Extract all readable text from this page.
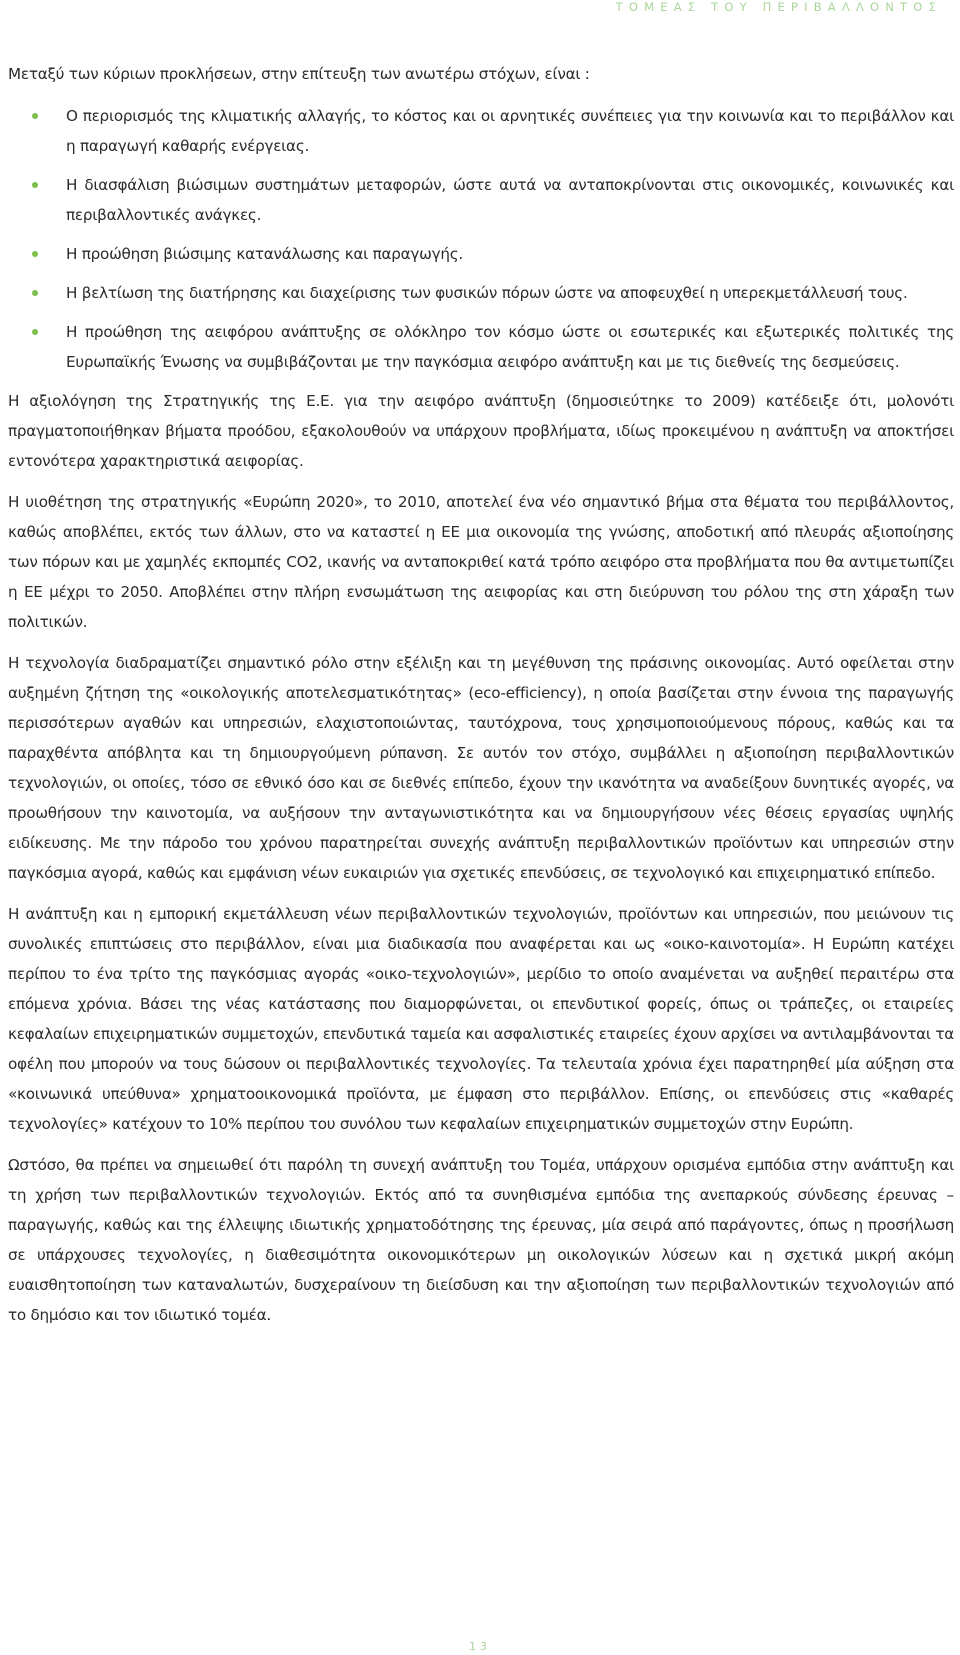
ΤΟΜΕΑΣ ΤΟΥ ΠΕΡΙΒΑΛΛΟΝΤΟΣ

Μεταξύ των κύριων προκλήσεων, στην επίτευξη των ανωτέρω στόχων, είναι :

Ο περιορισμός της κλιματικής αλλαγής, το κόστος και οι αρνητικές συνέπειες για την κοινωνία και το περιβάλλον και η παραγωγή καθαρής ενέργειας.
Η διασφάλιση βιώσιμων συστημάτων μεταφορών, ώστε αυτά να ανταποκρίνονται στις οικονομικές, κοινωνικές και περιβαλλοντικές ανάγκες.
Η προώθηση βιώσιμης κατανάλωσης και παραγωγής.
Η βελτίωση της διατήρησης και διαχείρισης των φυσικών πόρων ώστε να αποφευχθεί η υπερεκμετάλλευσή τους.
Η προώθηση της αειφόρου ανάπτυξης σε ολόκληρο τον κόσμο ώστε οι εσωτερικές και εξωτερικές πολιτικές της Ευρωπαϊκής Ένωσης να συμβιβάζονται με την παγκόσμια αειφόρο ανάπτυξη και με τις διεθνείς της δεσμεύσεις.

Η αξιολόγηση της Στρατηγικής της Ε.Ε. για την αειφόρο ανάπτυξη (δημοσιεύτηκε το 2009) κατέδειξε ότι, μολονότι πραγματοποιήθηκαν βήματα προόδου, εξακολουθούν να υπάρχουν προβλήματα, ιδίως προκειμένου η ανάπτυξη να αποκτήσει εντονότερα χαρακτηριστικά αειφορίας.

Η υιοθέτηση της στρατηγικής «Ευρώπη 2020», το 2010, αποτελεί ένα νέο σημαντικό βήμα στα θέματα του περιβάλλοντος, καθώς αποβλέπει, εκτός των άλλων, στο να καταστεί η ΕΕ μια οικονομία της γνώσης, αποδοτική από πλευράς αξιοποίησης των πόρων και με χαμηλές εκπομπές CO2, ικανής να ανταποκριθεί κατά τρόπο αειφόρο στα προβλήματα που θα αντιμετωπίζει η ΕΕ μέχρι το 2050. Αποβλέπει στην πλήρη ενσωμάτωση της αειφορίας και στη διεύρυνση του ρόλου της στη χάραξη των πολιτικών.

Η τεχνολογία διαδραματίζει σημαντικό ρόλο στην εξέλιξη και τη μεγέθυνση της πράσινης οικονομίας. Αυτό οφείλεται στην αυξημένη ζήτηση της «οικολογικής αποτελεσματικότητας» (eco-efficiency), η οποία βασίζεται στην έννοια της παραγωγής περισσότερων αγαθών και υπηρεσιών, ελαχιστοποιώντας, ταυτόχρονα, τους χρησιμοποιούμενους πόρους, καθώς και τα παραχθέντα απόβλητα και τη δημιουργούμενη ρύπανση. Σε αυτόν τον στόχο, συμβάλλει η αξιοποίηση περιβαλλοντικών τεχνολογιών, οι οποίες, τόσο σε εθνικό όσο και σε διεθνές επίπεδο, έχουν την ικανότητα να αναδείξουν δυνητικές αγορές, να προωθήσουν την καινοτομία, να αυξήσουν την ανταγωνιστικότητα και να δημιουργήσουν νέες θέσεις εργασίας υψηλής ειδίκευσης. Με την πάροδο του χρόνου παρατηρείται συνεχής ανάπτυξη περιβαλλοντικών προϊόντων και υπηρεσιών στην παγκόσμια αγορά, καθώς και εμφάνιση νέων ευκαιριών για σχετικές επενδύσεις, σε τεχνολογικό και επιχειρηματικό επίπεδο.

Η ανάπτυξη και η εμπορική εκμετάλλευση νέων περιβαλλοντικών τεχνολογιών, προϊόντων και υπηρεσιών, που μειώνουν τις συνολικές επιπτώσεις στο περιβάλλον, είναι μια διαδικασία που αναφέρεται και ως «οικο-καινοτομία». Η Ευρώπη κατέχει περίπου το ένα τρίτο της παγκόσμιας αγοράς «οικο-τεχνολογιών», μερίδιο το οποίο αναμένεται να αυξηθεί περαιτέρω στα επόμενα χρόνια. Βάσει της νέας κατάστασης που διαμορφώνεται, οι επενδυτικοί φορείς, όπως οι τράπεζες, οι εταιρείες κεφαλαίων επιχειρηματικών συμμετοχών, επενδυτικά ταμεία και ασφαλιστικές εταιρείες έχουν αρχίσει να αντιλαμβάνονται τα οφέλη που μπορούν να τους δώσουν οι περιβαλλοντικές τεχνολογίες. Τα τελευταία χρόνια έχει παρατηρηθεί μία αύξηση στα «κοινωνικά υπεύθυνα» χρηματοοικονομικά προϊόντα, με έμφαση στο περιβάλλον. Επίσης, οι επενδύσεις στις «καθαρές τεχνολογίες» κατέχουν το 10% περίπου του συνόλου των κεφαλαίων επιχειρηματικών συμμετοχών στην Ευρώπη.

Ωστόσο, θα πρέπει να σημειωθεί ότι παρόλη τη συνεχή ανάπτυξη του Τομέα, υπάρχουν ορισμένα εμπόδια στην ανάπτυξη και τη χρήση των περιβαλλοντικών τεχνολογιών. Εκτός από τα συνηθισμένα εμπόδια της ανεπαρκούς σύνδεσης έρευνας – παραγωγής, καθώς και της έλλειψης ιδιωτικής χρηματοδότησης της έρευνας, μία σειρά από παράγοντες, όπως η προσήλωση σε υπάρχουσες τεχνολογίες, η διαθεσιμότητα οικονομικότερων μη οικολογικών λύσεων και η σχετικά μικρή ακόμη ευαισθητοποίηση των καταναλωτών, δυσχεραίνουν τη διείσδυση και την αξιοποίηση των περιβαλλοντικών τεχνολογιών από το δημόσιο και τον ιδιωτικό τομέα.

13
